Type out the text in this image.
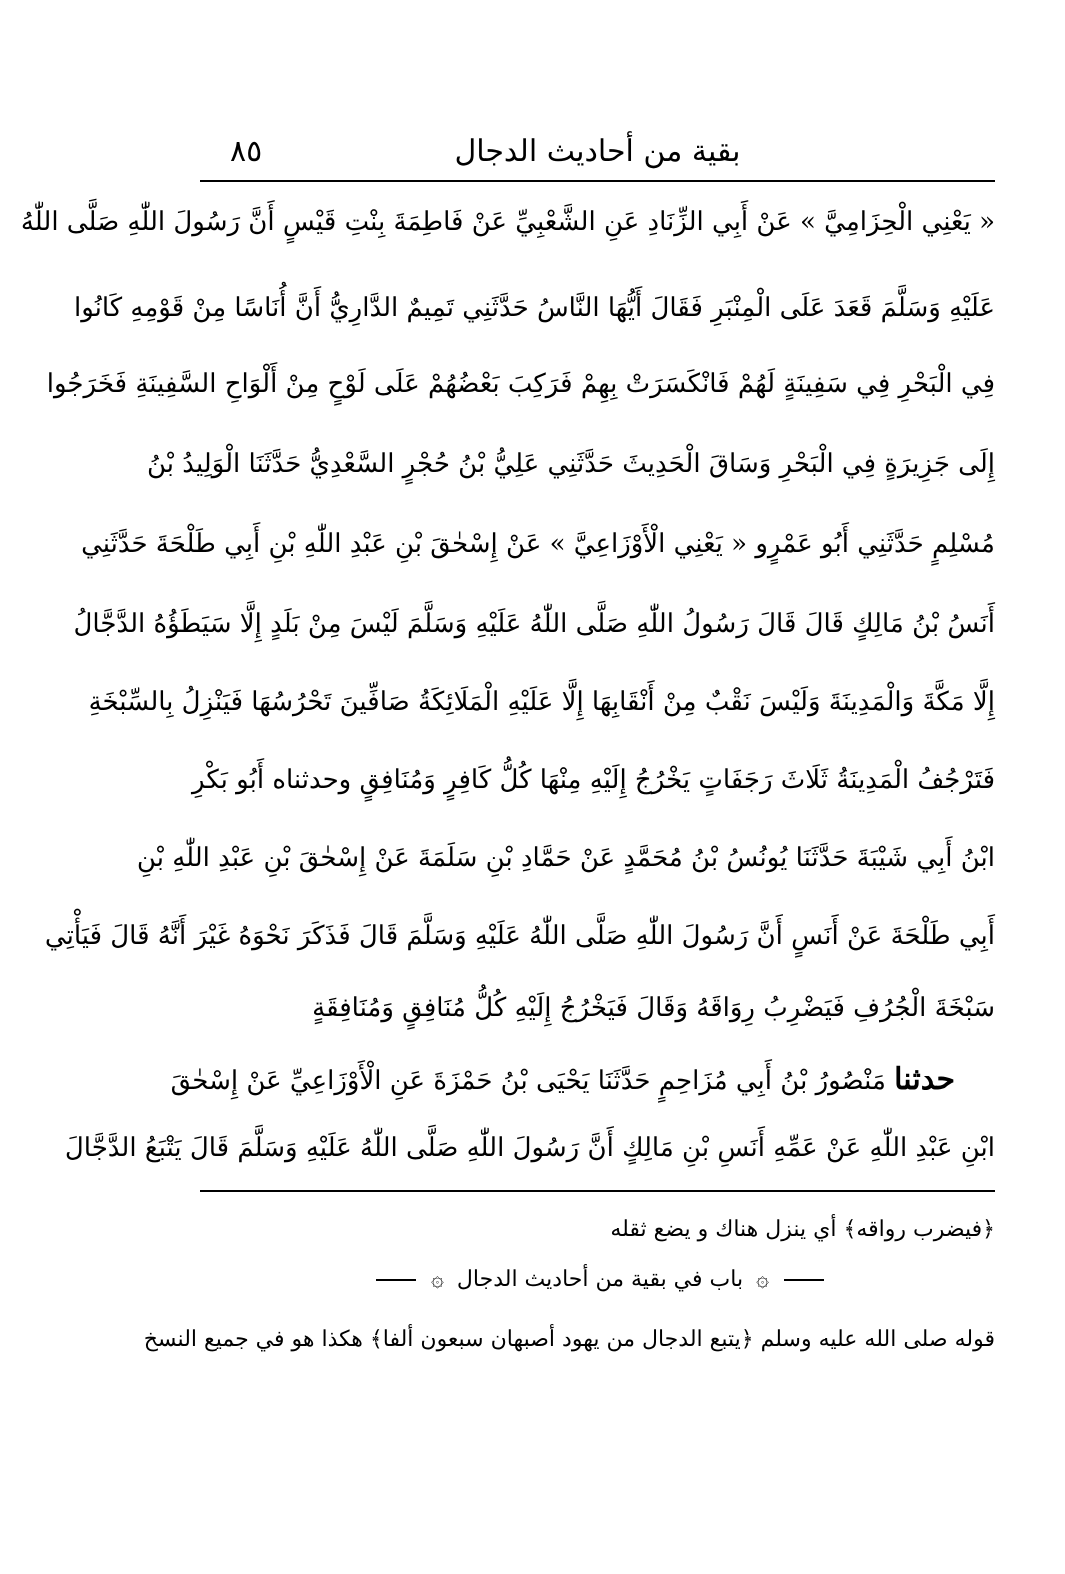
بقية من أحاديث الدجال
٨٥
« يَعْنِي الْحِزَامِيَّ » عَنْ أَبِي الزِّنَادِ عَنِ الشَّعْبِيِّ عَنْ فَاطِمَةَ بِنْتِ قَيْسٍ أَنَّ رَسُولَ اللّٰهِ صَلَّى اللّٰهُ
عَلَيْهِ وَسَلَّمَ قَعَدَ عَلَى الْمِنْبَرِ فَقَالَ أَيُّهَا النَّاسُ حَدَّثَنِي تَمِيمٌ الدَّارِيُّ أَنَّ أُنَاسًا مِنْ قَوْمِهِ كَانُوا
فِي الْبَحْرِ فِي سَفِينَةٍ لَهُمْ فَانْكَسَرَتْ بِهِمْ فَرَكِبَ بَعْضُهُمْ عَلَى لَوْحٍ مِنْ أَلْوَاحِ السَّفِينَةِ فَخَرَجُوا
إِلَى جَزِيرَةٍ فِي الْبَحْرِ وَسَاقَ الْحَدِيثَ حَدَّثَنِي عَلِيُّ بْنُ حُجْرٍ السَّعْدِيُّ حَدَّثَنَا الْوَلِيدُ بْنُ
مُسْلِمٍ حَدَّثَنِي أَبُو عَمْرٍو « يَعْنِي الْأَوْزَاعِيَّ » عَنْ إِسْحٰقَ بْنِ عَبْدِ اللّٰهِ بْنِ أَبِي طَلْحَةَ حَدَّثَنِي
أَنَسُ بْنُ مَالِكٍ قَالَ قَالَ رَسُولُ اللّٰهِ صَلَّى اللّٰهُ عَلَيْهِ وَسَلَّمَ لَيْسَ مِنْ بَلَدٍ إِلَّا سَيَطَؤُهُ الدَّجَّالُ
إِلَّا مَكَّةَ وَالْمَدِينَةَ وَلَيْسَ نَقْبٌ مِنْ أَنْقَابِهَا إِلَّا عَلَيْهِ الْمَلَائِكَةُ صَافِّينَ تَحْرُسُهَا فَيَنْزِلُ بِالسِّبْخَةِ
فَتَرْجُفُ الْمَدِينَةُ ثَلَاثَ رَجَفَاتٍ يَخْرُجُ إِلَيْهِ مِنْهَا كُلُّ كَافِرٍ وَمُنَافِقٍ وحدثناه أَبُو بَكْرِ
ابْنُ أَبِي شَيْبَةَ حَدَّثَنَا يُونُسُ بْنُ مُحَمَّدٍ عَنْ حَمَّادِ بْنِ سَلَمَةَ عَنْ إِسْحٰقَ بْنِ عَبْدِ اللّٰهِ بْنِ
أَبِي طَلْحَةَ عَنْ أَنَسٍ أَنَّ رَسُولَ اللّٰهِ صَلَّى اللّٰهُ عَلَيْهِ وَسَلَّمَ قَالَ فَذَكَرَ نَحْوَهُ غَيْرَ أَنَّهُ قَالَ فَيَأْتِي
سَبْخَةَ الْجُرُفِ فَيَضْرِبُ رِوَاقَهُ وَقَالَ فَيَخْرُجُ إِلَيْهِ كُلُّ مُنَافِقٍ وَمُنَافِقَةٍ
حدثنا مَنْصُورُ بْنُ أَبِي مُزَاحِمٍ حَدَّثَنَا يَحْيَى بْنُ حَمْزَةَ عَنِ الْأَوْزَاعِيِّ عَنْ إِسْحٰقَ
ابْنِ عَبْدِ اللّٰهِ عَنْ عَمِّهِ أَنَسِ بْنِ مَالِكٍ أَنَّ رَسُولَ اللّٰهِ صَلَّى اللّٰهُ عَلَيْهِ وَسَلَّمَ قَالَ يَتْبَعُ الدَّجَّالَ
﴿فيضرب رواقه﴾ أي ينزل هناك و يضع ثقله
۞ باب في بقية من أحاديث الدجال ۞
قوله صلى الله عليه وسلم ﴿يتبع الدجال من يهود أصبهان سبعون ألفا﴾ هكذا هو في جميع النسخ
